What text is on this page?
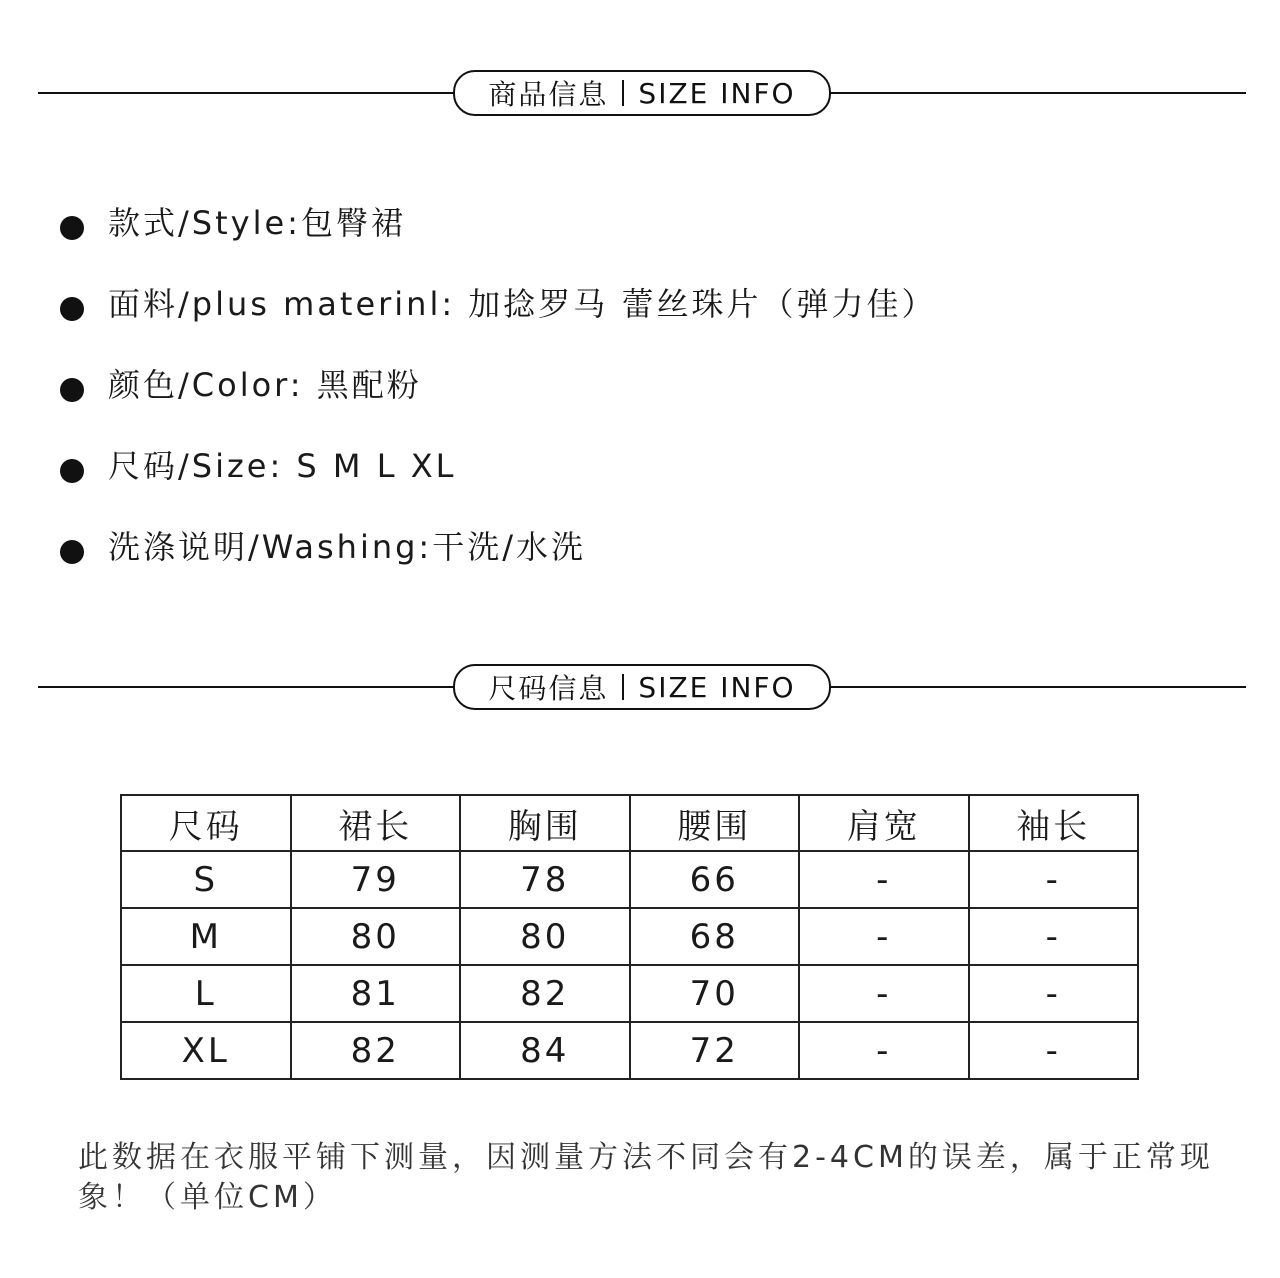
商品信息 SIZE INFO
款式/Style:包臀裙
面料/plus materinl: 加捻罗马 蕾丝珠片（弹力佳）
颜色/Color: 黑配粉
尺码/Size: S M L XL
洗涤说明/Washing:干洗/水洗
尺码信息 SIZE INFO
尺码	裙长	胸围	腰围	肩宽	袖长
S	79	78	66	-	-
M	80	80	68	-	-
L	81	82	70	-	-
XL	82	84	72	-	-

此数据在衣服平铺下测量，因测量方法不同会有2-4CM的误差，属于正常现象！（单位CM）
